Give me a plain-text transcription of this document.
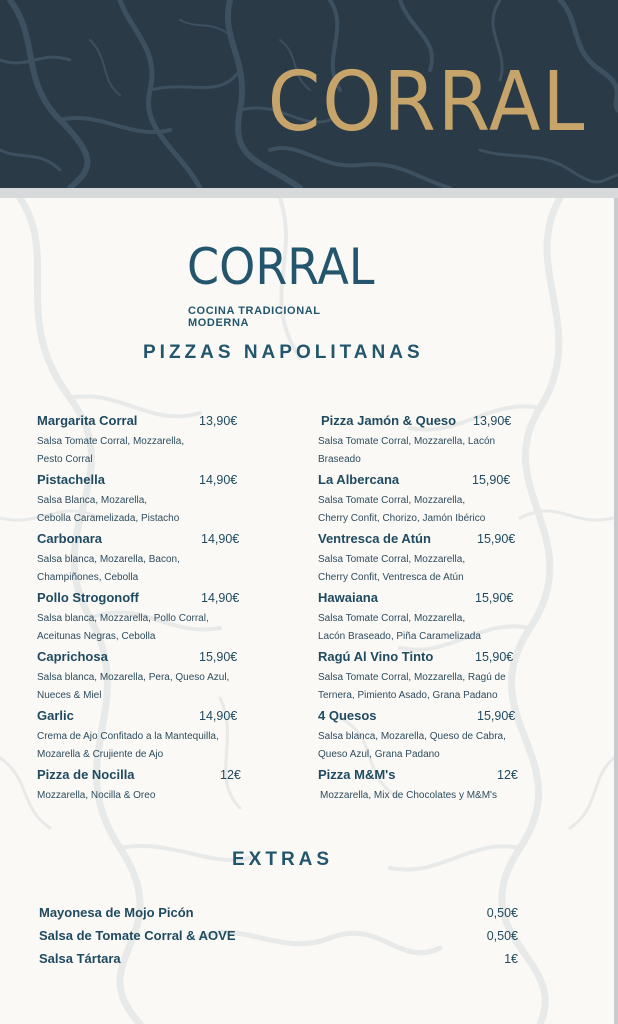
CORRAL
CORRAL
COCINA TRADICIONAL MODERNA
PIZZAS NAPOLITANAS
Margarita Corral	13,90€
Salsa Tomate Corral, Mozzarella,
Pesto Corral
Pistachella	14,90€
Salsa Blanca, Mozarella,
Cebolla Caramelizada, Pistacho
Carbonara	14,90€
Salsa blanca, Mozarella, Bacon,
Champiñones, Cebolla
Pollo Strogonoff	14,90€
Salsa blanca, Mozzarella, Pollo Corral,
Aceitunas Negras, Cebolla
Caprichosa	15,90€
Salsa blanca, Mozarella, Pera, Queso Azul,
Nueces & Miel
Garlic	14,90€
Crema de Ajo Confitado a la Mantequilla,
Mozarella & Crujiente de Ajo
Pizza de Nocilla	12€
Mozzarella, Nocilla & Oreo
Pizza Jamón & Queso 13,90€
Salsa Tomate Corral, Mozzarella, Lacón
Braseado
La Albercana	15,90€
Salsa Tomate Corral, Mozzarella,
Cherry Confit, Chorizo, Jamón Ibérico
Ventresca de Atún	15,90€
Salsa Tomate Corral, Mozzarella,
Cherry Confit, Ventresca de Atún
Hawaiana	15,90€
Salsa Tomate Corral, Mozzarella,
Lacón Braseado, Piña Caramelizada
Ragú Al Vino Tinto	15,90€
Salsa Tomate Corral, Mozzarella, Ragú de
Ternera, Pimiento Asado, Grana Padano
4 Quesos	15,90€
Salsa blanca, Mozarella, Queso de Cabra,
Queso Azul, Grana Padano
Pizza M&M's	12€
Mozzarella, Mix de Chocolates y M&M's
EXTRAS
Mayonesa de Mojo Picón	0,50€
Salsa de Tomate Corral & AOVE	0,50€
Salsa Tártara	1€
